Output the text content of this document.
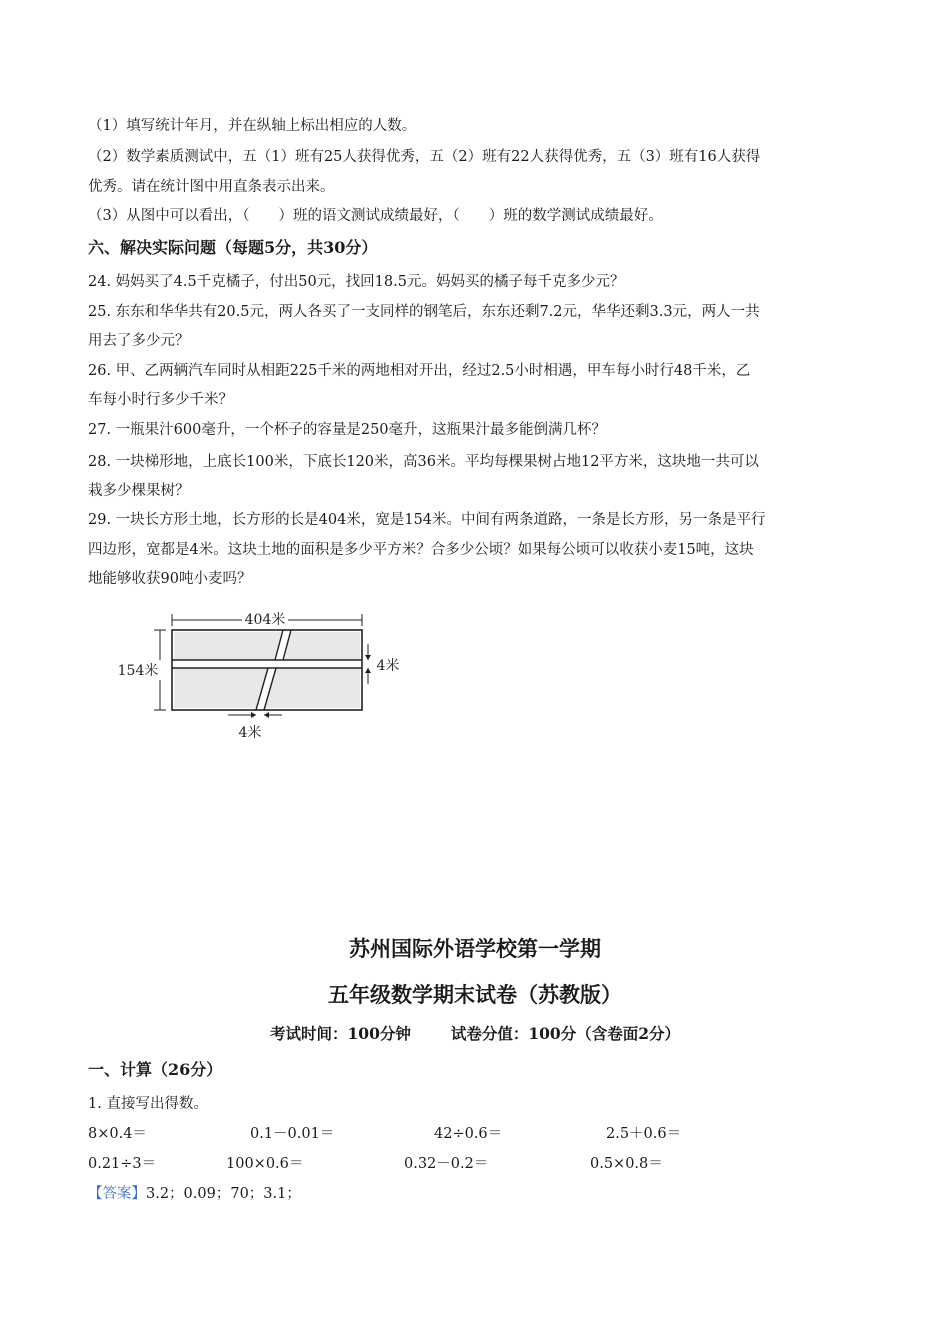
（1）填写统计年月，并在纵轴上标出相应的人数。
（2）数学素质测试中，五（1）班有25人获得优秀，五（2）班有22人获得优秀，五（3）班有16人获得
优秀。请在统计图中用直条表示出来。
（3）从图中可以看出，（　　）班的语文测试成绩最好，（　　）班的数学测试成绩最好。
六、解决实际问题（每题5分，共30分）
24. 妈妈买了4.5千克橘子，付出50元，找回18.5元。妈妈买的橘子每千克多少元？
25. 东东和华华共有20.5元，两人各买了一支同样的钢笔后，东东还剩7.2元，华华还剩3.3元，两人一共
用去了多少元？
26. 甲、乙两辆汽车同时从相距225千米的两地相对开出，经过2.5小时相遇，甲车每小时行48千米，乙
车每小时行多少千米？
27. 一瓶果汁600毫升，一个杯子的容量是250毫升，这瓶果汁最多能倒满几杯？
28. 一块梯形地，上底长100米，下底长120米，高36米。平均每棵果树占地12平方米，这块地一共可以
栽多少棵果树？
29. 一块长方形土地，长方形的长是404米，宽是154米。中间有两条道路，一条是长方形，另一条是平行
四边形，宽都是4米。这块土地的面积是多少平方米？合多少公顷？如果每公顷可以收获小麦15吨，这块
地能够收获90吨小麦吗？
404米
154米	4米
4米
苏州国际外语学校第一学期
五年级数学期末试卷（苏教版）
考试时间：100分钟	试卷分值：100分（含卷面2分）
一、计算（26分）
1. 直接写出得数。
8×0.4＝	0.1－0.01＝	42÷0.6＝	2.5＋0.6＝
0.21÷3＝	100×0.6＝	0.32－0.2＝	0.5×0.8＝
【答案】3.2；0.09；70；3.1；
